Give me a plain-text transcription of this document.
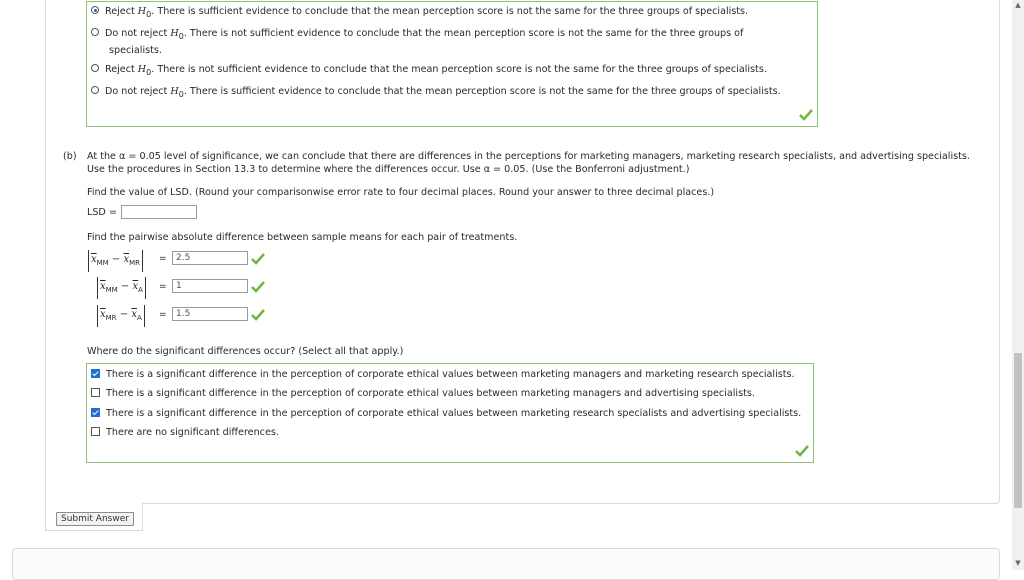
Reject $H_0$. There is sufficient evidence to conclude that the mean perception score is not the same for the three groups of specialists.
Do not reject $H_0$. There is not sufficient evidence to conclude that the mean perception score is not the same for the three groups of
specialists.
Reject $H_0$. There is not sufficient evidence to conclude that the mean perception score is not the same for the three groups of specialists.
Do not reject $H_0$. There is sufficient evidence to conclude that the mean perception score is not the same for the three groups of specialists.
(b) At the α = 0.05 level of significance, we can conclude that there are differences in the perceptions for marketing managers, marketing research specialists, and advertising specialists.
Use the procedures in Section 13.3 to determine where the differences occur. Use α = 0.05. (Use the Bonferroni adjustment.)
Find the value of LSD. (Round your comparisonwise error rate to four decimal places. Round your answer to three decimal places.)
LSD =
Find the pairwise absolute difference between sample means for each pair of treatments.
$\overline{x}_{MM} - \overline{x}_{MR}$	=	2.5
$\overline{x}_{MM} - \overline{x}_A$	=	1
$\overline{x}_{MR} - \overline{x}_A$	=	1.5
Where do the significant differences occur? (Select all that apply.)
There is a significant difference in the perception of corporate ethical values between marketing managers and marketing research specialists.
There is a significant difference in the perception of corporate ethical values between marketing managers and advertising specialists.
There is a significant difference in the perception of corporate ethical values between marketing research specialists and advertising specialists.
There are no significant differences.
Submit Answer
▲
▼
